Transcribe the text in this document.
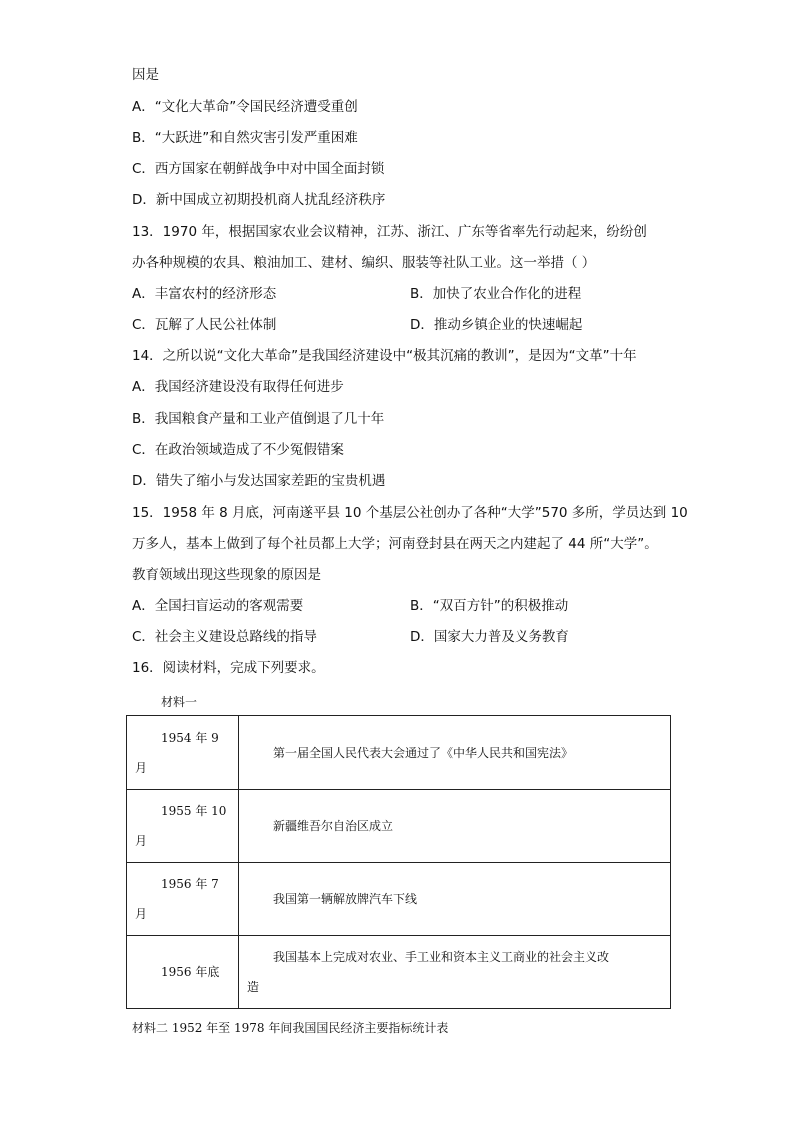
因是
A．“文化大革命”令国民经济遭受重创
B．“大跃进”和自然灾害引发严重困难
C．西方国家在朝鲜战争中对中国全面封锁
D．新中国成立初期投机商人扰乱经济秩序
13．1970 年，根据国家农业会议精神，江苏、浙江、广东等省率先行动起来，纷纷创
办各种规模的农具、粮油加工、建材、编织、服装等社队工业。这一举措（ ）
A．丰富农村的经济形态	B．加快了农业合作化的进程
C．瓦解了人民公社体制	D．推动乡镇企业的快速崛起
14．之所以说“文化大革命”是我国经济建设中“极其沉痛的教训”，是因为“文革”十年
A．我国经济建设没有取得任何进步
B．我国粮食产量和工业产值倒退了几十年
C．在政治领域造成了不少冤假错案
D．错失了缩小与发达国家差距的宝贵机遇
15．1958 年 8 月底，河南遂平县 10 个基层公社创办了各种“大学”570 多所，学员达到 10
万多人，基本上做到了每个社员都上大学；河南登封县在两天之内建起了 44 所“大学”。
教育领域出现这些现象的原因是
A．全国扫盲运动的客观需要	B．“双百方针”的积极推动
C．社会主义建设总路线的指导	D．国家大力普及义务教育
16．阅读材料，完成下列要求。
材料一
1954 年 9
月	第一届全国人民代表大会通过了《中华人民共和国宪法》

1955 年 10
月	新疆维吾尔自治区成立

1956 年 7
月	我国第一辆解放牌汽车下线

1956 年底	我国基本上完成对农业、手工业和资本主义工商业的社会主义改
造
材料二 1952 年至 1978 年间我国国民经济主要指标统计表
